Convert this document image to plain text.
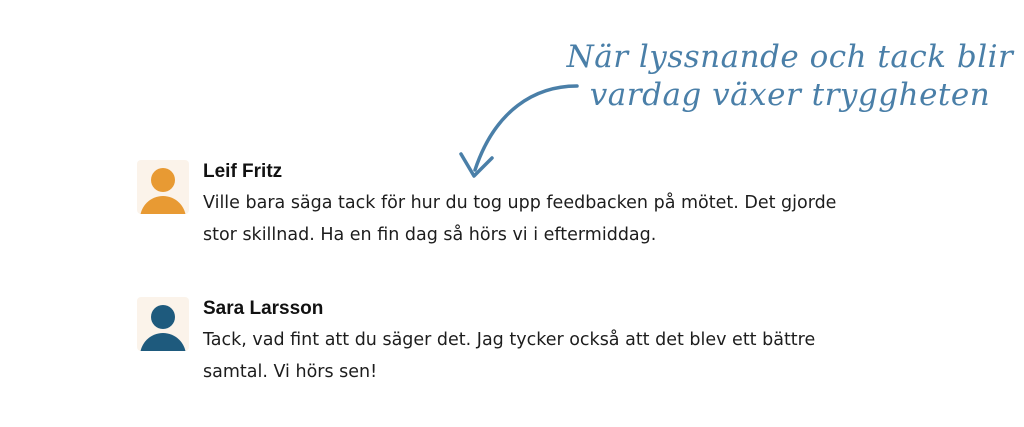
När lyssnande och tack blir
vardag växer tryggheten
Leif Fritz
Ville bara säga tack för hur du tog upp feedbacken på mötet. Det gjorde
stor skillnad. Ha en fin dag så hörs vi i eftermiddag.
Sara Larsson
Tack, vad fint att du säger det. Jag tycker också att det blev ett bättre
samtal. Vi hörs sen!
